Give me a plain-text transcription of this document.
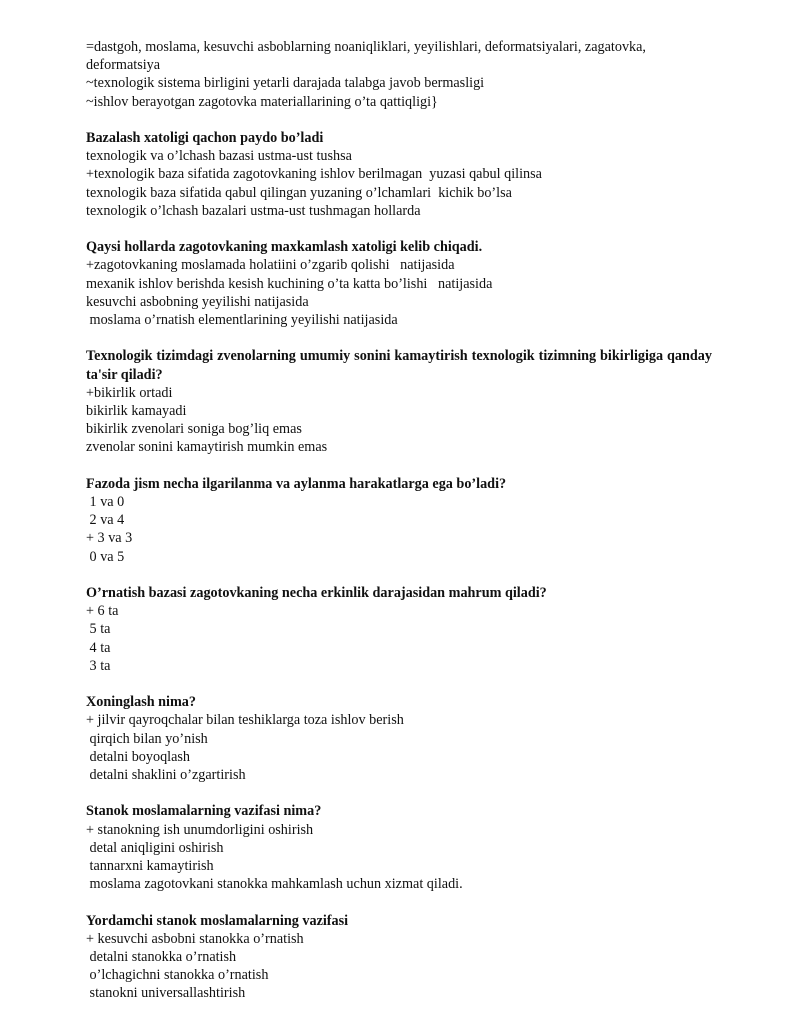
=dastgoh, moslama, kesuvchi asboblarning noaniqliklari, yeyilishlari, deformatsiyalari, zagatovka, deformatsiya

~texnologik sistema birligini yetarli darajada talabga javob bermasligi

~ishlov berayotgan zagotovka materiallarining o’ta qattiqligi}

Bazalash xatoligi qachon paydo bo’ladi

texnologik va o’lchash bazasi ustma-ust tushsa

+texnologik baza sifatida zagotovkaning ishlov berilmagan  yuzasi qabul qilinsa

texnologik baza sifatida qabul qilingan yuzaning o’lchamlari  kichik bo’lsa

texnologik o’lchash bazalari ustma-ust tushmagan hollarda

Qaysi hollarda zagotovkaning maxkamlash xatoligi kelib chiqadi.

+zagotovkaning moslamada holatiini o’zgarib qolishi   natijasida

mexanik ishlov berishda kesish kuchining o’ta katta bo’lishi   natijasida

kesuvchi asbobning yeyilishi natijasida

moslama o’rnatish elementlarining yeyilishi natijasida

Texnologik tizimdagi zvenolarning umumiy sonini kamaytirish texnologik tizimning bikirligiga qanday ta'sir qiladi?

+bikirlik ortadi

bikirlik kamayadi

bikirlik zvenolari soniga bog’liq emas

zvenolar sonini kamaytirish mumkin emas

Fazoda jism necha ilgarilanma va aylanma harakatlarga ega bo’ladi?

1 va 0

2 va 4

+ 3 va 3

0 va 5

O’rnatish bazasi zagotovkaning necha erkinlik darajasidan mahrum qiladi?

+ 6 ta

5 ta

4 ta

3 ta

Xoninglash nima?

+ jilvir qayroqchalar bilan teshiklarga toza ishlov berish

qirqich bilan yo’nish

detalni boyoqlash

detalni shaklini o’zgartirish

Stanok moslamalarning vazifasi nima?

+ stanokning ish unumdorligini oshirish

detal aniqligini oshirish

tannarxni kamaytirish

moslama zagotovkani stanokka mahkamlash uchun xizmat qiladi.

Yordamchi stanok moslamalarning vazifasi

+ kesuvchi asbobni stanokka o’rnatish

detalni stanokka o’rnatish

o’lchagichni stanokka o’rnatish

stanokni universallashtirish
